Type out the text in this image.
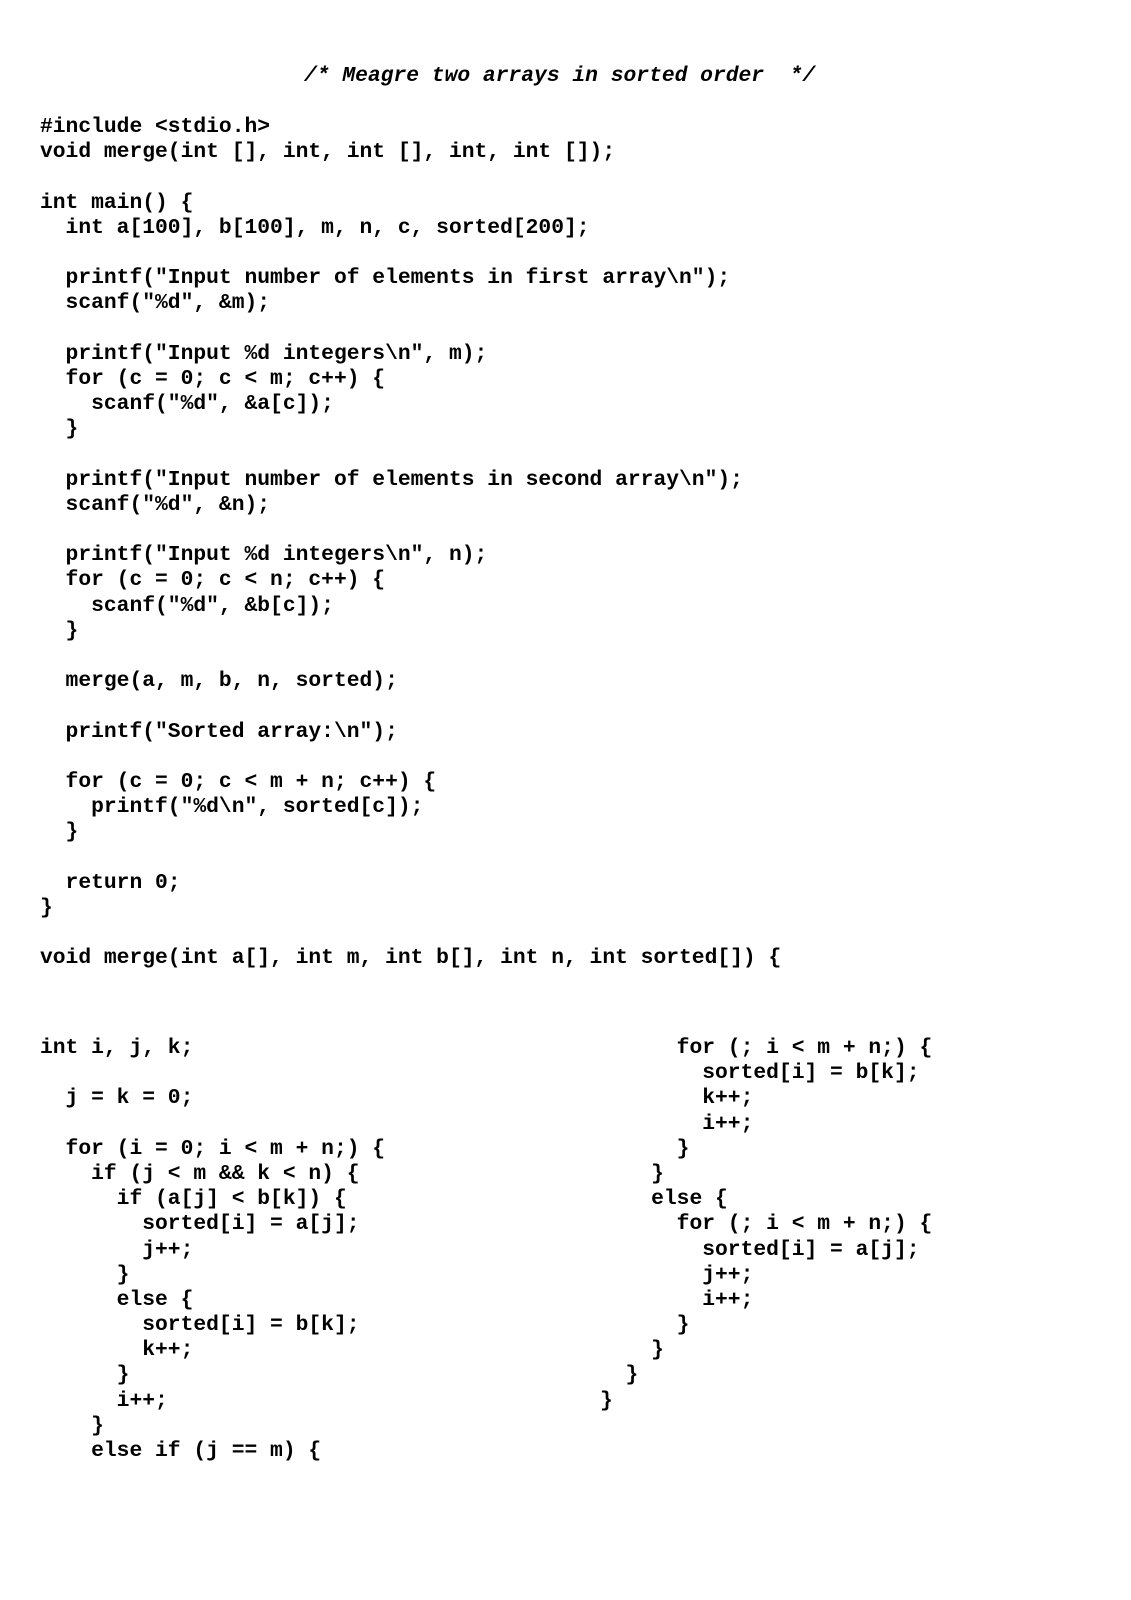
/* Meagre two arrays in sorted order  */
#include <stdio.h>
void merge(int [], int, int [], int, int []);
int main() {
int a[100], b[100], m, n, c, sorted[200];
printf("Input number of elements in first array\n");
scanf("%d", &m);
printf("Input %d integers\n", m);
for (c = 0; c < m; c++) {
scanf("%d", &a[c]);
}
printf("Input number of elements in second array\n");
scanf("%d", &n);
printf("Input %d integers\n", n);
for (c = 0; c < n; c++) {
scanf("%d", &b[c]);
}
merge(a, m, b, n, sorted);
printf("Sorted array:\n");
for (c = 0; c < m + n; c++) {
printf("%d\n", sorted[c]);
}
return 0;
}
void merge(int a[], int m, int b[], int n, int sorted[]) {
int i, j, k;
j = k = 0;
for (i = 0; i < m + n;) {
if (j < m && k < n) {
if (a[j] < b[k]) {
sorted[i] = a[j];
j++;
}
else {
sorted[i] = b[k];
k++;
}
i++;
}
else if (j == m) {
for (; i < m + n;) {
sorted[i] = b[k];
k++;
i++;
}
}
else {
for (; i < m + n;) {
sorted[i] = a[j];
j++;
i++;
}
}
}
}
